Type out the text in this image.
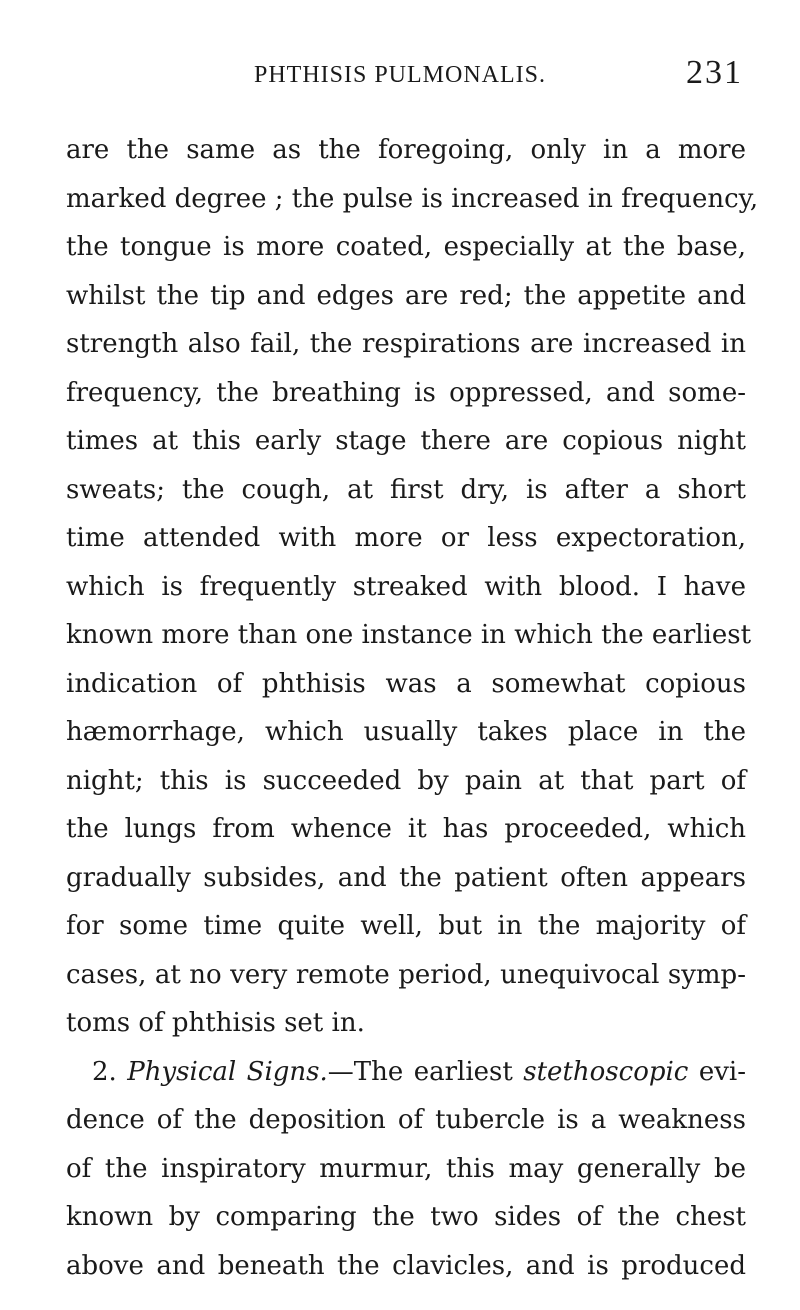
PHTHISIS PULMONALIS.	231
are the same as the foregoing, only in a more
marked degree ; the pulse is increased in frequency,
the tongue is more coated, especially at the base,
whilst the tip and edges are red; the appetite and
strength also fail, the respirations are increased in
frequency, the breathing is oppressed, and some-
times at this early stage there are copious night
sweats; the cough, at first dry, is after a short
time attended with more or less expectoration,
which is frequently streaked with blood. I have
known more than one instance in which the earliest
indication of phthisis was a somewhat copious
hæmorrhage, which usually takes place in the
night; this is succeeded by pain at that part of
the lungs from whence it has proceeded, which
gradually subsides, and the patient often appears
for some time quite well, but in the majority of
cases, at no very remote period, unequivocal symp-
toms of phthisis set in.
2. Physical Signs.—The earliest stethoscopic evi-
dence of the deposition of tubercle is a weakness
of the inspiratory murmur, this may generally be
known by comparing the two sides of the chest
above and beneath the clavicles, and is produced
